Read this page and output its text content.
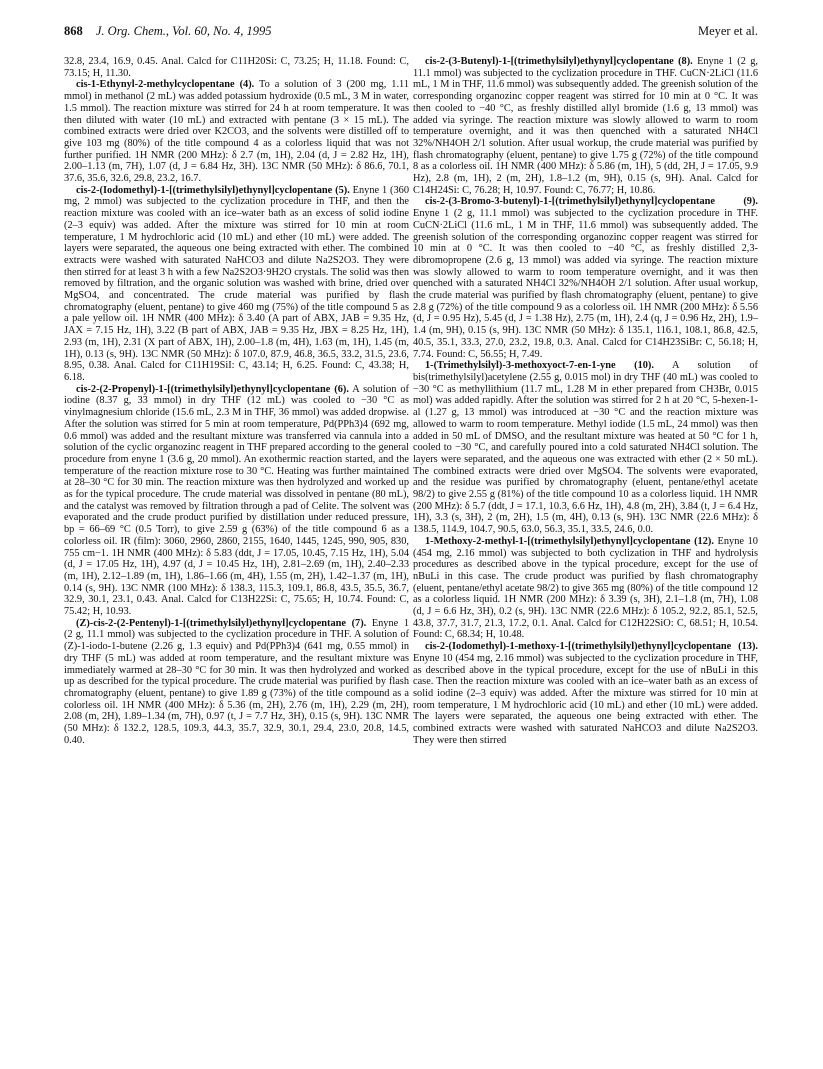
868 J. Org. Chem., Vol. 60, No. 4, 1995	Meyer et al.

32.8, 23.4, 16.9, 0.45. Anal. Calcd for C11H20Si: C, 73.25; H, 11.18. Found: C, 73.15; H, 11.30.

cis-1-Ethynyl-2-methylcyclopentane (4). To a solution of 3 (200 mg, 1.11 mmol) in methanol (2 mL) was added potassium hydroxide (0.5 mL, 3 M in water, 1.5 mmol). The reaction mixture was stirred for 24 h at room temperature. It was then diluted with water (10 mL) and extracted with pentane (3 × 15 mL). The combined extracts were dried over K2CO3, and the solvents were distilled off to give 103 mg (80%) of the title compound 4 as a colorless liquid that was not further purified. 1H NMR (200 MHz): δ 2.7 (m, 1H), 2.04 (d, J = 2.82 Hz, 1H), 2.00–1.13 (m, 7H), 1.07 (d, J = 6.84 Hz, 3H). 13C NMR (50 MHz): δ 86.6, 70.1, 37.6, 35.6, 32.6, 29.8, 23.2, 16.7.

cis-2-(Iodomethyl)-1-[(trimethylsilyl)ethynyl]cyclopentane (5). Enyne 1 (360 mg, 2 mmol) was subjected to the cyclization procedure in THF, and then the reaction mixture was cooled with an ice–water bath as an excess of solid iodine (2–3 equiv) was added. After the mixture was stirred for 10 min at room temperature, 1 M hydrochloric acid (10 mL) and ether (10 mL) were added. The layers were separated, the aqueous one being extracted with ether. The combined extracts were washed with saturated NaHCO3 and dilute Na2S2O3. They were then stirred for at least 3 h with a few Na2S2O3·9H2O crystals. The solid was then removed by filtration, and the organic solution was washed with brine, dried over MgSO4, and concentrated. The crude material was purified by flash chromatography (eluent, pentane) to give 460 mg (75%) of the title compound 5 as a pale yellow oil. 1H NMR (400 MHz): δ 3.40 (A part of ABX, JAB = 9.35 Hz, JAX = 7.15 Hz, 1H), 3.22 (B part of ABX, JAB = 9.35 Hz, JBX = 8.25 Hz, 1H), 2.93 (m, 1H), 2.31 (X part of ABX, 1H), 2.00–1.8 (m, 4H), 1.63 (m, 1H), 1.45 (m, 1H), 0.13 (s, 9H). 13C NMR (50 MHz): δ 107.0, 87.9, 46.8, 36.5, 33.2, 31.5, 23.6, 8.95, 0.38. Anal. Calcd for C11H19SiI: C, 43.14; H, 6.25. Found: C, 43.38; H, 6.18.

cis-2-(2-Propenyl)-1-[(trimethylsilyl)ethynyl]cyclopentane (6). A solution of iodine (8.37 g, 33 mmol) in dry THF (12 mL) was cooled to −30 °C as vinylmagnesium chloride (15.6 mL, 2.3 M in THF, 36 mmol) was added dropwise. After the solution was stirred for 5 min at room temperature, Pd(PPh3)4 (692 mg, 0.6 mmol) was added and the resultant mixture was transferred via cannula into a solution of the cyclic organozinc reagent in THF prepared according to the general procedure from enyne 1 (3.6 g, 20 mmol). An exothermic reaction started, and the temperature of the reaction mixture rose to 30 °C. Heating was further maintained at 28–30 °C for 30 min. The reaction mixture was then hydrolyzed and worked up as for the typical procedure. The crude material was dissolved in pentane (80 mL), and the catalyst was removed by filtration through a pad of Celite. The solvent was evaporated and the crude product purified by distillation under reduced pressure, bp = 66–69 °C (0.5 Torr), to give 2.59 g (63%) of the title compound 6 as a colorless oil. IR (film): 3060, 2960, 2860, 2155, 1640, 1445, 1245, 990, 905, 830, 755 cm−1. 1H NMR (400 MHz): δ 5.83 (ddt, J = 17.05, 10.45, 7.15 Hz, 1H), 5.04 (d, J = 17.05 Hz, 1H), 4.97 (d, J = 10.45 Hz, 1H), 2.81–2.69 (m, 1H), 2.40–2.33 (m, 1H), 2.12–1.89 (m, 1H), 1.86–1.66 (m, 4H), 1.55 (m, 2H), 1.42–1.37 (m, 1H), 0.14 (s, 9H). 13C NMR (100 MHz): δ 138.3, 115.3, 109.1, 86.8, 43.5, 35.5, 36.7, 32.9, 30.1, 23.1, 0.43. Anal. Calcd for C13H22Si: C, 75.65; H, 10.74. Found: C, 75.42; H, 10.93.

(Z)-cis-2-(2-Pentenyl)-1-[(trimethylsilyl)ethynyl]cyclopentane (7). Enyne 1 (2 g, 11.1 mmol) was subjected to the cyclization procedure in THF. A solution of (Z)-1-iodo-1-butene (2.26 g, 1.3 equiv) and Pd(PPh3)4 (641 mg, 0.55 mmol) in dry THF (5 mL) was added at room temperature, and the resultant mixture was immediately warmed at 28–30 °C for 30 min. It was then hydrolyzed and worked up as described for the typical procedure. The crude material was purified by flash chromatography (eluent, pentane) to give 1.89 g (73%) of the title compound as a colorless oil. 1H NMR (400 MHz): δ 5.36 (m, 2H), 2.76 (m, 1H), 2.29 (m, 2H), 2.08 (m, 2H), 1.89–1.34 (m, 7H), 0.97 (t, J = 7.7 Hz, 3H), 0.15 (s, 9H). 13C NMR (50 MHz): δ 132.2, 128.5, 109.3, 44.3, 35.7, 32.9, 30.1, 29.4, 23.0, 20.8, 14.5, 0.40.

cis-2-(3-Butenyl)-1-[(trimethylsilyl)ethynyl]cyclopentane (8). Enyne 1 (2 g, 11.1 mmol) was subjected to the cyclization procedure in THF. CuCN·2LiCl (11.6 mL, 1 M in THF, 11.6 mmol) was subsequently added. The greenish solution of the corresponding organozinc copper reagent was stirred for 10 min at 0 °C. It was then cooled to −40 °C, as freshly distilled allyl bromide (1.6 g, 13 mmol) was added via syringe. The reaction mixture was slowly allowed to warm to room temperature overnight, and it was then quenched with a saturated NH4Cl 32%/NH4OH 2/1 solution. After usual workup, the crude material was purified by flash chromatography (eluent, pentane) to give 1.75 g (72%) of the title compound 8 as a colorless oil. 1H NMR (400 MHz): δ 5.86 (m, 1H), 5 (dd, 2H, J = 17.05, 9.9 Hz), 2.8 (m, 1H), 2 (m, 2H), 1.8–1.2 (m, 9H), 0.15 (s, 9H). Anal. Calcd for C14H24Si: C, 76.28; H, 10.97. Found: C, 76.77; H, 10.86.

cis-2-(3-Bromo-3-butenyl)-1-[(trimethylsilyl)ethynyl]cyclopentane (9). Enyne 1 (2 g, 11.1 mmol) was subjected to the cyclization procedure in THF. CuCN·2LiCl (11.6 mL, 1 M in THF, 11.6 mmol) was subsequently added. The greenish solution of the corresponding organozinc copper reagent was stirred for 10 min at 0 °C. It was then cooled to −40 °C, as freshly distilled 2,3-dibromopropene (2.6 g, 13 mmol) was added via syringe. The reaction mixture was slowly allowed to warm to room temperature overnight, and it was then quenched with a saturated NH4Cl 32%/NH4OH 2/1 solution. After usual workup, the crude material was purified by flash chromatography (eluent, pentane) to give 2.8 g (72%) of the title compound 9 as a colorless oil. 1H NMR (200 MHz): δ 5.56 (d, J = 0.95 Hz), 5.45 (d, J = 1.38 Hz), 2.75 (m, 1H), 2.4 (q, J = 0.96 Hz, 2H), 1.9–1.4 (m, 9H), 0.15 (s, 9H). 13C NMR (50 MHz): δ 135.1, 116.1, 108.1, 86.8, 42.5, 40.5, 35.1, 33.3, 27.0, 23.2, 19.8, 0.3. Anal. Calcd for C14H23SiBr: C, 56.18; H, 7.74. Found: C, 56.55; H, 7.49.

1-(Trimethylsilyl)-3-methoxyoct-7-en-1-yne (10). A solution of bis(trimethylsilyl)acetylene (2.55 g, 0.015 mol) in dry THF (40 mL) was cooled to −30 °C as methyllithium (11.7 mL, 1.28 M in ether prepared from CH3Br, 0.015 mol) was added rapidly. After the solution was stirred for 2 h at 20 °C, 5-hexen-1-al (1.27 g, 13 mmol) was introduced at −30 °C and the reaction mixture was allowed to warm to room temperature. Methyl iodide (1.5 mL, 24 mmol) was then added in 50 mL of DMSO, and the resultant mixture was heated at 50 °C for 1 h, cooled to −30 °C, and carefully poured into a cold saturated NH4Cl solution. The layers were separated, and the aqueous one was extracted with ether (2 × 50 mL). The combined extracts were dried over MgSO4. The solvents were evaporated, and the residue was purified by chromatography (eluent, pentane/ethyl acetate 98/2) to give 2.55 g (81%) of the title compound 10 as a colorless liquid. 1H NMR (200 MHz): δ 5.7 (ddt, J = 17.1, 10.3, 6.6 Hz, 1H), 4.8 (m, 2H), 3.84 (t, J = 6.4 Hz, 1H), 3.3 (s, 3H), 2 (m, 2H), 1.5 (m, 4H), 0.13 (s, 9H). 13C NMR (22.6 MHz): δ 138.5, 114.9, 104.7, 90.5, 63.0, 56.3, 35.1, 33.5, 24.6, 0.0.

1-Methoxy-2-methyl-1-[(trimethylsilyl)ethynyl]cyclopentane (12). Enyne 10 (454 mg, 2.16 mmol) was subjected to both cyclization in THF and hydrolysis procedures as described above in the typical procedure, except for the use of nBuLi in this case. The crude product was purified by flash chromatography (eluent, pentane/ethyl acetate 98/2) to give 365 mg (80%) of the title compound 12 as a colorless liquid. 1H NMR (200 MHz): δ 3.39 (s, 3H), 2.1–1.8 (m, 7H), 1.08 (d, J = 6.6 Hz, 3H), 0.2 (s, 9H). 13C NMR (22.6 MHz): δ 105.2, 92.2, 85.1, 52.5, 43.8, 37.7, 31.7, 21.3, 17.2, 0.1. Anal. Calcd for C12H22SiO: C, 68.51; H, 10.54. Found: C, 68.34; H, 10.48.

cis-2-(Iodomethyl)-1-methoxy-1-[(trimethylsilyl)ethynyl]cyclopentane (13). Enyne 10 (454 mg, 2.16 mmol) was subjected to the cyclization procedure in THF, as described above in the typical procedure, except for the use of nBuLi in this case. Then the reaction mixture was cooled with an ice–water bath as an excess of solid iodine (2–3 equiv) was added. After the mixture was stirred for 10 min at room temperature, 1 M hydrochloric acid (10 mL) and ether (10 mL) were added. The layers were separated, the aqueous one being extracted with ether. The combined extracts were washed with saturated NaHCO3 and dilute Na2S2O3. They were then stirred
